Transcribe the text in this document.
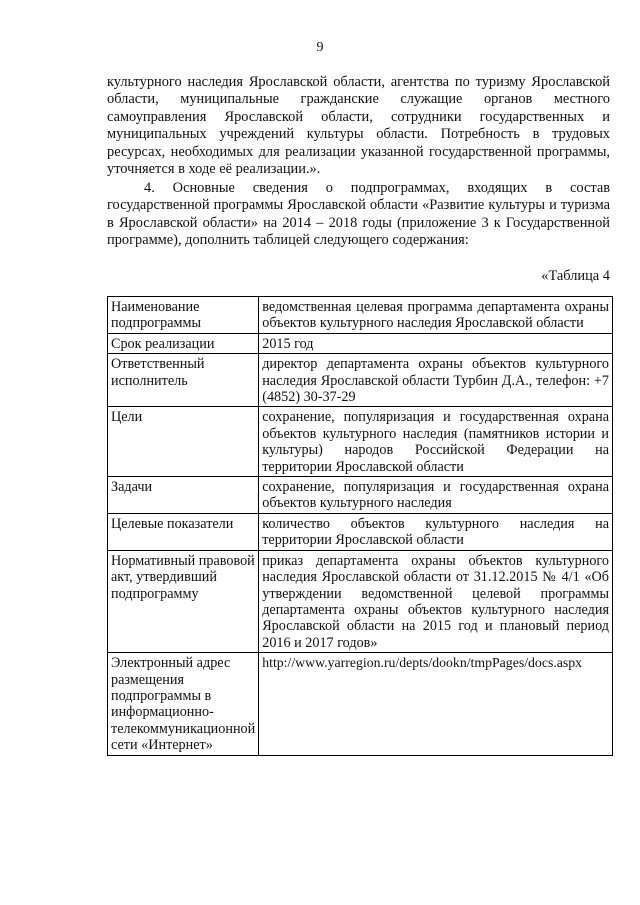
9

культурного наследия Ярославской области, агентства по туризму Ярославской области, муниципальные гражданские служащие органов местного самоуправления Ярославской области, сотрудники государственных и муниципальных учреждений культуры области. Потребность в трудовых ресурсах, необходимых для реализации указанной государственной программы, уточняется в ходе её реализации.».

4. Основные сведения о подпрограммах, входящих в состав государственной программы Ярославской области «Развитие культуры и туризма в Ярославской области» на 2014 – 2018 годы (приложение 3 к Государственной программе), дополнить таблицей следующего содержания:

«Таблица 4
Наименование подпрограммы	ведомственная целевая программа департамента охраны объектов культурного наследия Ярославской области
Срок реализации	2015 год
Ответственный исполнитель	директор департамента охраны объектов культурного наследия Ярославской области Турбин Д.А., телефон: +7 (4852) 30-37-29
Цели	сохранение, популяризация и государственная охрана объектов культурного наследия (памятников истории и культуры) народов Российской Федерации на территории Ярославской области
Задачи	сохранение, популяризация и государственная охрана объектов культурного наследия
Целевые показатели	количество объектов культурного наследия на территории Ярославской области
Нормативный правовой акт, утвердивший подпрограмму	приказ департамента охраны объектов культурного наследия Ярославской области от 31.12.2015 № 4/1 «Об утверждении ведомственной целевой программы департамента охраны объектов культурного наследия Ярославской области на 2015 год и плановый период 2016 и 2017 годов»
Электронный адрес размещения подпрограммы в информационно-телекоммуникационной сети «Интернет»	http://www.yarregion.ru/depts/dookn/tmpPages/docs.aspx
